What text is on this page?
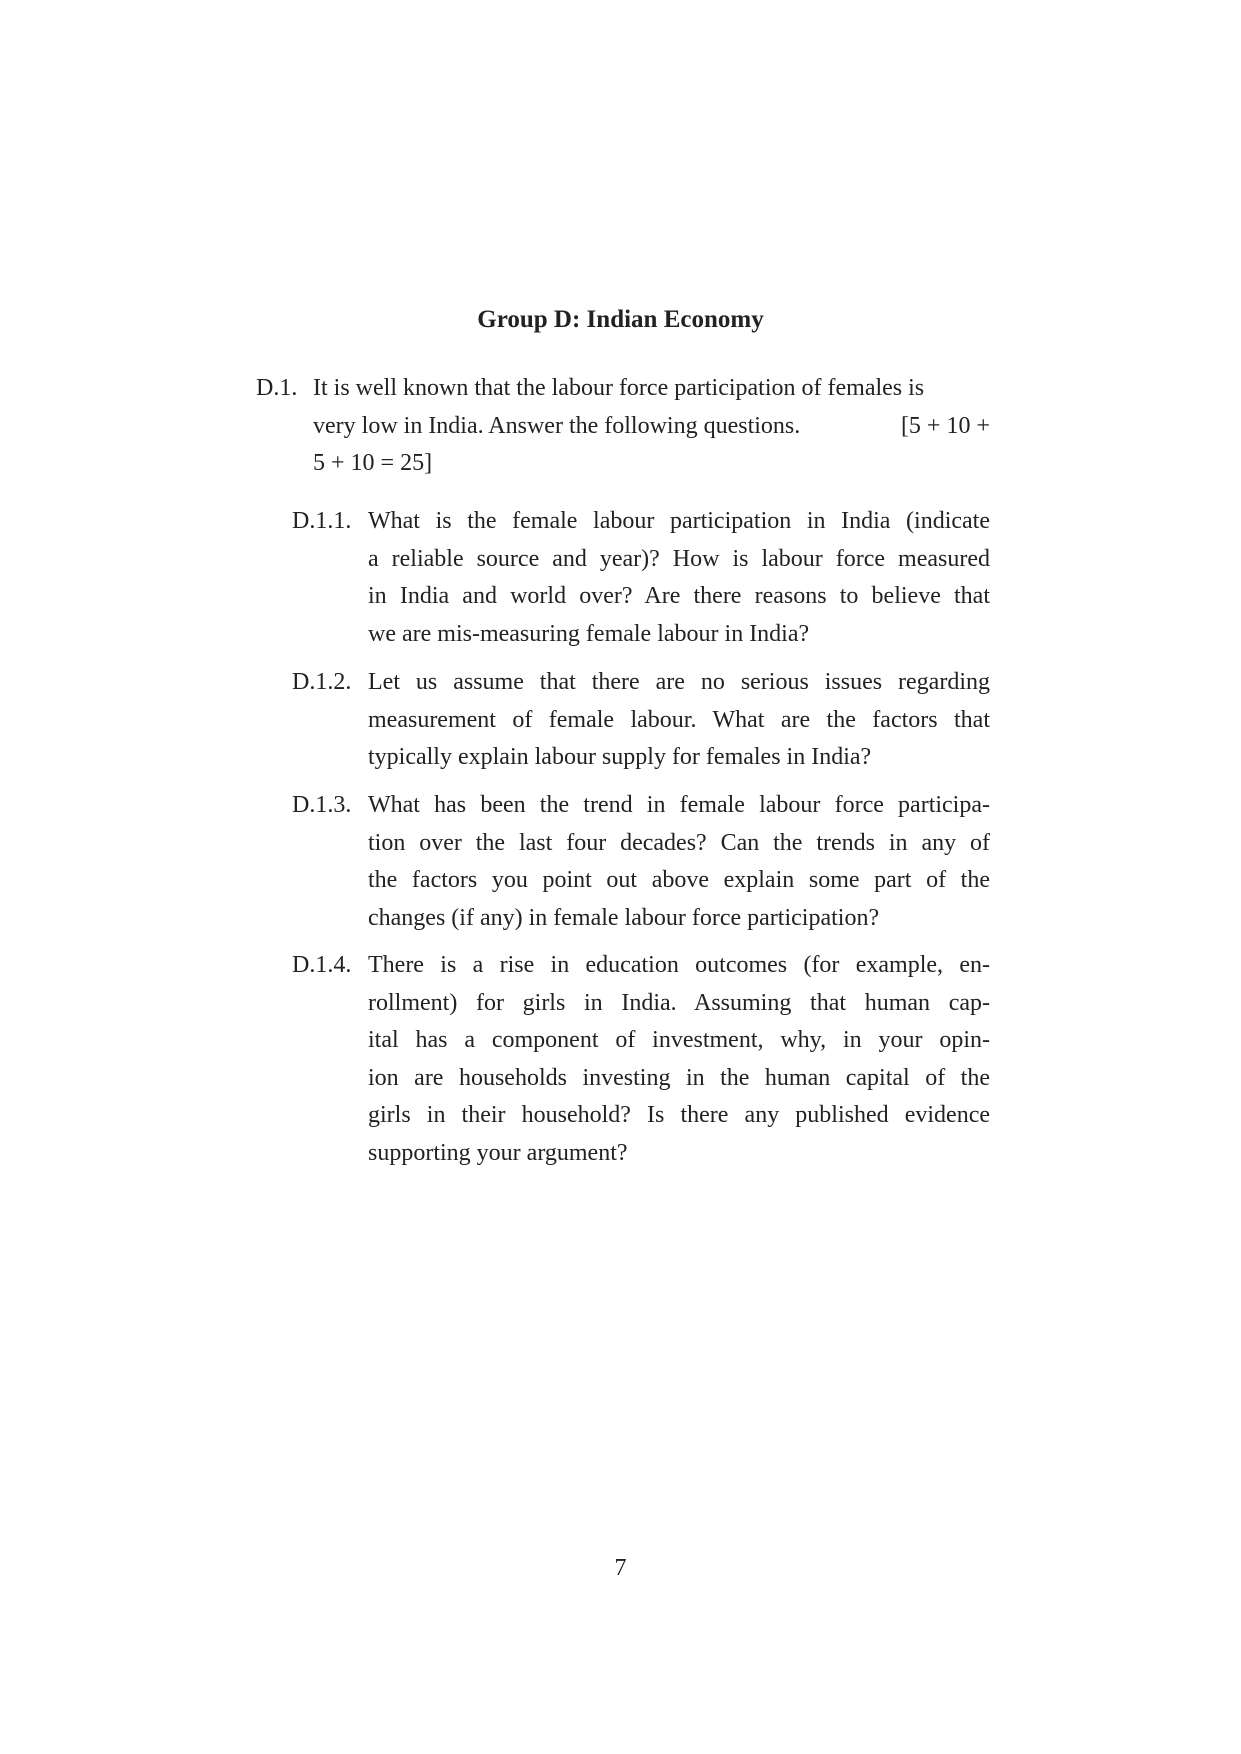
Group D: Indian Economy
D.1. It is well known that the labour force participation of females is
very low in India. Answer the following questions.	[5 + 10 +
5 + 10 = 25]
D.1.1. What is the female labour participation in India (indicate
a reliable source and year)? How is labour force measured
in India and world over? Are there reasons to believe that
we are mis-measuring female labour in India?
D.1.2. Let us assume that there are no serious issues regarding
measurement of female labour. What are the factors that
typically explain labour supply for females in India?
D.1.3. What has been the trend in female labour force participa-
tion over the last four decades? Can the trends in any of
the factors you point out above explain some part of the
changes (if any) in female labour force participation?
D.1.4. There is a rise in education outcomes (for example, en-
rollment) for girls in India. Assuming that human cap-
ital has a component of investment, why, in your opin-
ion are households investing in the human capital of the
girls in their household? Is there any published evidence
supporting your argument?
7
